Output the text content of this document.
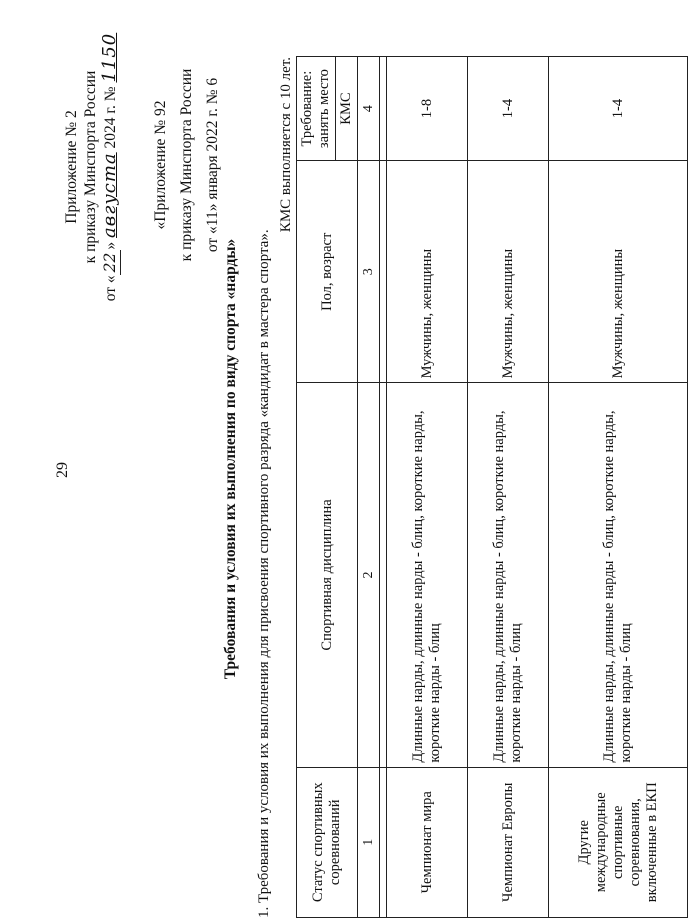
29
Приложение № 2 к приказу Минспорта России
от «22» августа 2024 г. № 1150
«Приложение № 92 к приказу Минспорта России от «11» января 2022 г. № 6
Требования и условия их выполнения по виду спорта «нарды» 1. Требования и условия их выполнения для присвоения спортивного разряда «кандидат в мастера спорта».
КМС выполняется с 10 лет.
Статус спортивных соревнований	Спортивная дисциплина	Пол, возраст	Требование: занять место
			КМС
1	2	3	4

Чемпионат мира	Длинные нарды, длинные нарды - блиц, короткие нарды, короткие нарды - блиц	Мужчины, женщины	1-8
Чемпионат Европы	Длинные нарды, длинные нарды - блиц, короткие нарды, короткие нарды - блиц	Мужчины, женщины	1-4
Другие международные спортивные соревнования, включенные в ЕКП	Длинные нарды, длинные нарды - блиц, короткие нарды, короткие нарды - блиц	Мужчины, женщины	1-4
